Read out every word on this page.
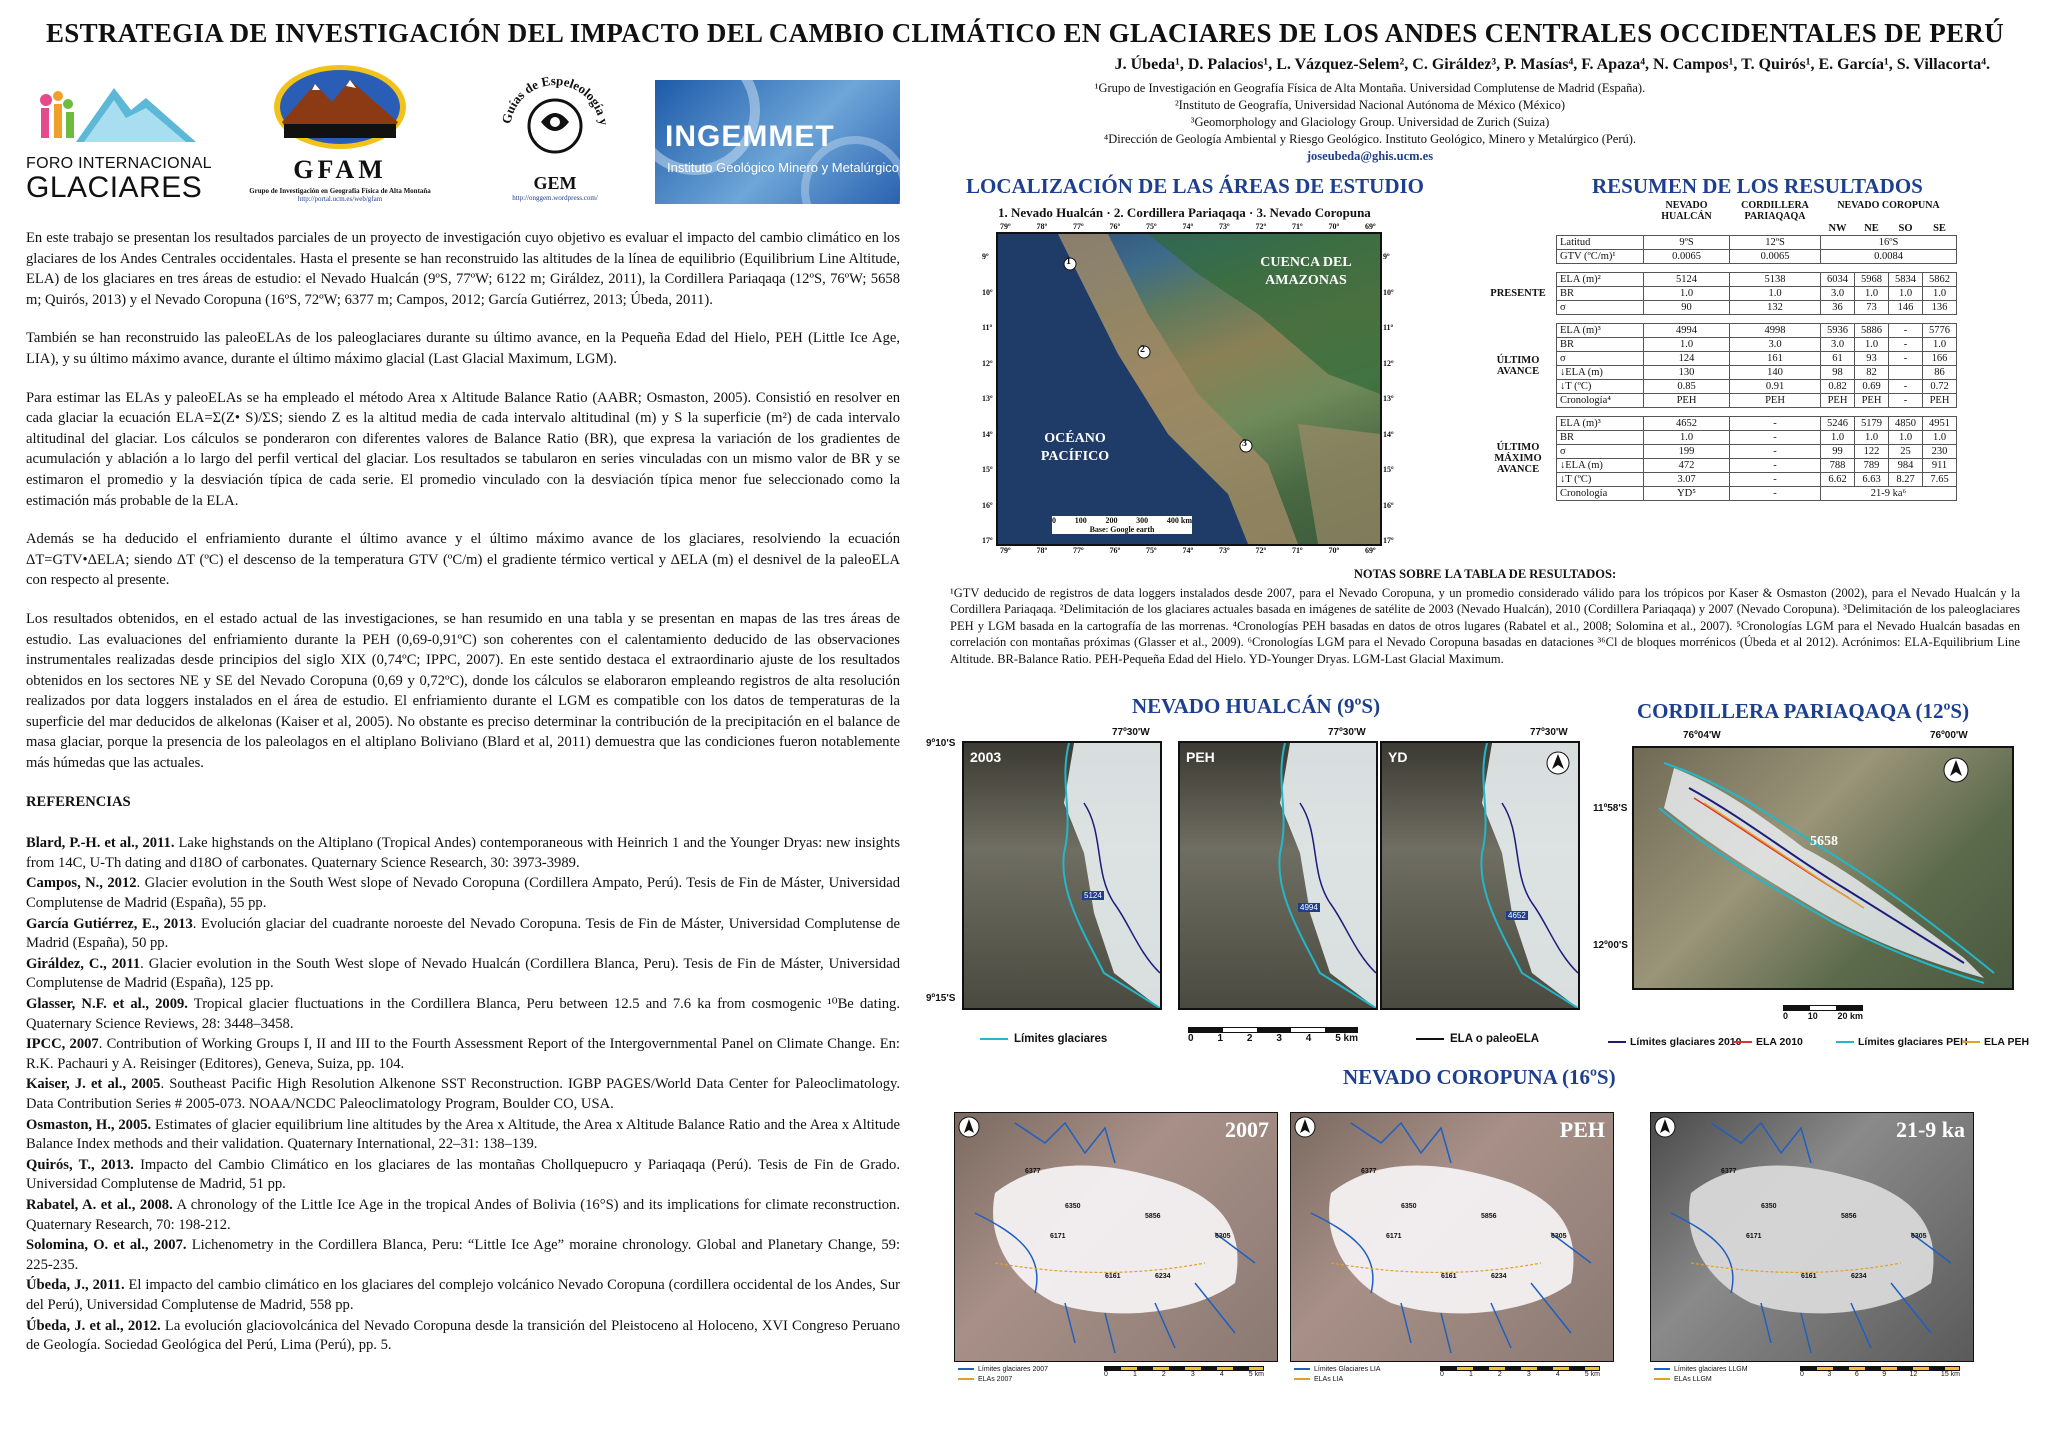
ESTRATEGIA DE INVESTIGACIÓN DEL IMPACTO DEL CAMBIO CLIMÁTICO EN GLACIARES DE LOS ANDES CENTRALES OCCIDENTALES DE PERÚ
FORO INTERNACIONAL
GLACIARES
GFAM
Grupo de Investigación en Geografía Física de Alta Montaña
http://portal.ucm.es/web/gfam
Guías de Espeleología y
GEM
http://onggem.wordpress.com/
INGEMMET
Instituto Geológico Minero y Metalúrgico
J. Úbeda¹, D. Palacios¹, L. Vázquez-Selem², C. Giráldez³, P. Masías⁴, F. Apaza⁴, N. Campos¹, T. Quirós¹, E. García¹, S. Villacorta⁴.
¹Grupo de Investigación en Geografía Física de Alta Montaña. Universidad Complutense de Madrid (España).
²Instituto de Geografía, Universidad Nacional Autónoma de México (México)
³Geomorphology and Glaciology Group. Universidad de Zurich (Suiza)
⁴Dirección de Geología Ambiental y Riesgo Geológico. Instituto Geológico, Minero y Metalúrgico (Perú).
joseubeda@ghis.ucm.es

En este trabajo se presentan los resultados parciales de un proyecto de investigación cuyo objetivo es evaluar el impacto del cambio climático en los glaciares de los Andes Centrales occidentales. Hasta el presente se han reconstruido las altitudes de la línea de equilibrio (Equilibrium Line Altitude, ELA) de los glaciares en tres áreas de estudio: el Nevado Hualcán (9ºS, 77ºW; 6122 m; Giráldez, 2011), la Cordillera Pariaqaqa (12ºS, 76ºW; 5658 m; Quirós, 2013) y el Nevado Coropuna (16ºS, 72ºW; 6377 m; Campos, 2012; García Gutiérrez, 2013; Úbeda, 2011).

También se han reconstruido las paleoELAs de los paleoglaciares durante su último avance, en la Pequeña Edad del Hielo, PEH (Little Ice Age, LIA), y su último máximo avance, durante el último máximo glacial (Last Glacial Maximum, LGM).

Para estimar las ELAs y paleoELAs se ha empleado el método Area x Altitude Balance Ratio (AABR; Osmaston, 2005). Consistió en resolver en cada glaciar la ecuación ELA=Σ(Z• S)/ΣS; siendo Z es la altitud media de cada intervalo altitudinal (m) y S la superficie (m²) de cada intervalo altitudinal del glaciar. Los cálculos se ponderaron con diferentes valores de Balance Ratio (BR), que expresa la variación de los gradientes de acumulación y ablación a lo largo del perfil vertical del glaciar. Los resultados se tabularon en series vinculadas con un mismo valor de BR y se estimaron el promedio y la desviación típica de cada serie. El promedio vinculado con la desviación típica menor fue seleccionado como la estimación más probable de la ELA.

Además se ha deducido el enfriamiento durante el último avance y el último máximo avance de los glaciares, resolviendo la ecuación ΔT=GTV•ΔELA; siendo ΔT (ºC) el descenso de la temperatura GTV (ºC/m) el gradiente térmico vertical y ΔELA (m) el desnivel de la paleoELA con respecto al presente.

Los resultados obtenidos, en el estado actual de las investigaciones, se han resumido en una tabla y se presentan en mapas de las tres áreas de estudio. Las evaluaciones del enfriamiento durante la PEH (0,69-0,91ºC) son coherentes con el calentamiento deducido de las observaciones instrumentales realizadas desde principios del siglo XIX (0,74ºC; IPPC, 2007). En este sentido destaca el extraordinario ajuste de los resultados obtenidos en los sectores NE y SE del Nevado Coropuna (0,69 y 0,72ºC), donde los cálculos se elaboraron empleando registros de alta resolución realizados por data loggers instalados en el área de estudio. El enfriamiento durante el LGM es compatible con los datos de temperaturas de la superficie del mar deducidos de alkelonas (Kaiser et al, 2005). No obstante es preciso determinar la contribución de la precipitación en el balance de masa glaciar, porque la presencia de los paleolagos en el altiplano Boliviano (Blard et al, 2011) demuestra que las condiciones fueron notablemente más húmedas que las actuales.

REFERENCIAS

Blard, P.-H. et al., 2011. Lake highstands on the Altiplano (Tropical Andes) contemporaneous with Heinrich 1 and the Younger Dryas: new insights from 14C, U-Th dating and d18O of carbonates. Quaternary Science Research, 30: 3973-3989.

Campos, N., 2012. Glacier evolution in the South West slope of Nevado Coropuna (Cordillera Ampato, Perú). Tesis de Fin de Máster, Universidad Complutense de Madrid (España), 55 pp.

García Gutiérrez, E., 2013. Evolución glaciar del cuadrante noroeste del Nevado Coropuna. Tesis de Fin de Máster, Universidad Complutense de Madrid (España), 50 pp.

Giráldez, C., 2011. Glacier evolution in the South West slope of Nevado Hualcán (Cordillera Blanca, Peru). Tesis de Fin de Máster, Universidad Complutense de Madrid (España), 125 pp.

Glasser, N.F. et al., 2009. Tropical glacier fluctuations in the Cordillera Blanca, Peru between 12.5 and 7.6 ka from cosmogenic ¹⁰Be dating. Quaternary Science Reviews, 28: 3448–3458.

IPCC, 2007. Contribution of Working Groups I, II and III to the Fourth Assessment Report of the Intergovernmental Panel on Climate Change. En: R.K. Pachauri y A. Reisinger (Editores), Geneva, Suiza, pp. 104.

Kaiser, J. et al., 2005. Southeast Pacific High Resolution Alkenone SST Reconstruction. IGBP PAGES/World Data Center for Paleoclimatology. Data Contribution Series # 2005-073. NOAA/NCDC Paleoclimatology Program, Boulder CO, USA.

Osmaston, H., 2005. Estimates of glacier equilibrium line altitudes by the Area x Altitude, the Area x Altitude Balance Ratio and the Area x Altitude Balance Index methods and their validation. Quaternary International, 22–31: 138–139.

Quirós, T., 2013. Impacto del Cambio Climático en los glaciares de las montañas Chollquepucro y Pariaqaqa (Perú). Tesis de Fin de Grado. Universidad Complutense de Madrid, 51 pp.

Rabatel, A. et al., 2008. A chronology of the Little Ice Age in the tropical Andes of Bolivia (16°S) and its implications for climate reconstruction. Quaternary Research, 70: 198-212.

Solomina, O. et al., 2007. Lichenometry in the Cordillera Blanca, Peru: “Little Ice Age” moraine chronology. Global and Planetary Change, 59: 225-235.

Úbeda, J., 2011. El impacto del cambio climático en los glaciares del complejo volcánico Nevado Coropuna (cordillera occidental de los Andes, Sur del Perú), Universidad Complutense de Madrid, 558 pp.

Úbeda, J. et al., 2012. La evolución glaciovolcánica del Nevado Coropuna desde la transición del Pleistoceno al Holoceno, XVI Congreso Peruano de Geología. Sociedad Geológica del Perú, Lima (Perú), pp. 5.

LOCALIZACIÓN DE LAS ÁREAS DE ESTUDIO
1. Nevado Hualcán · 2. Cordillera Pariaqaqa · 3. Nevado Coropuna
1
2
3
CUENCA DEL AMAZONAS
OCÉANO PACÍFICO
0 100 200 300 400 km
Base: Google earth
RESUMEN DE LOS RESULTADOS
		NEVADO HUALCÁN	CORDILLERA PARIAQAQA	NEVADO COROPUNA			
				NW	NE	SO	SE
	Latitud	9ºS	12ºS	16ºS			
	GTV (ºC/m)¹	0.0065	0.0065	0.0084			

PRESENTE	ELA (m)²	5124	5138	6034	5968	5834	5862
	BR	1.0	1.0	3.0	1.0	1.0	1.0
	σ	90	132	36	73	146	136

ÚLTIMO AVANCE	ELA (m)³	4994	4998	5936	5886	-	5776
	BR	1.0	3.0	3.0	1.0	-	1.0
	σ	124	161	61	93	-	166
	↓ELA (m)	130	140	98	82		86
	↓T (ºC)	0.85	0.91	0.82	0.69	-	0.72
	Cronología⁴	PEH	PEH	PEH	PEH	-	PEH

ÚLTIMO MÁXIMO AVANCE	ELA (m)³	4652	-	5246	5179	4850	4951
	BR	1.0	-	1.0	1.0	1.0	1.0
	σ	199	-	99	122	25	230
	↓ELA (m)	472	-	788	789	984	911
	↓T (ºC)	3.07	-	6.62	6.63	8.27	7.65
	Cronología	YD⁵	-	21-9 ka⁶			
NOTAS SOBRE LA TABLA DE RESULTADOS:
¹GTV deducido de registros de data loggers instalados desde 2007, para el Nevado Coropuna, y un promedio considerado válido para los trópicos por Kaser & Osmaston (2002), para el Nevado Hualcán y la Cordillera Pariaqaqa. ²Delimitación de los glaciares actuales basada en imágenes de satélite de 2003 (Nevado Hualcán), 2010 (Cordillera Pariaqaqa) y 2007 (Nevado Coropuna). ³Delimitación de los paleoglaciares PEH y LGM basada en la cartografía de las morrenas. ⁴Cronologías PEH basadas en datos de otros lugares (Rabatel et al., 2008; Solomina et al., 2007). ⁵Cronologías LGM para el Nevado Hualcán basadas en correlación con montañas próximas (Glasser et al., 2009). ⁶Cronologías LGM para el Nevado Coropuna basadas en dataciones ³⁶Cl de bloques morrénicos (Úbeda et al 2012). Acrónimos: ELA-Equilibrium Line Altitude. BR-Balance Ratio. PEH-Pequeña Edad del Hielo. YD-Younger Dryas. LGM-Last Glacial Maximum.
NEVADO HUALCÁN (9ºS)
2003
5124
77º30'W
PEH
4994
77º30'W
YD
4652
77º30'W
9º10'S
9º15'S
Límites glaciares	ELA o paleoELA
0 1 2 3 4 5 km
CORDILLERA PARIAQAQA (12ºS)
76º04'W	76º00'W
11º58'S
12º00'S
5658
0 10 20 km
Límites glaciares 2010	ELA 2010	Límites glaciares PEH	ELA PEH
NEVADO COROPUNA (16ºS)
2007
6377
6350
6171
6161	6234
6305
5856
Límites glaciares 2007
ELAs 2007
0	1	2	3	4	5 km
PEH
6377
6350
6171
6161	6234
6305
5856
Límites Glaciares LIA
ELAs LIA
0	1	2	3	4	5 km
21-9 ka
6377
6350
6171
6161	6234
6305
5856
Límites glaciares LLGM
ELAs LLGM
0	3	6	9	12	15 km
79º
79º
78º
78º
77º
77º
76º
76º
75º
75º
74º
74º
73º
73º
72º
72º
71º
71º
70º
70º
69º
69º
9º	9º
10º	10º
11º	11º
12º	12º
13º	13º
14º	14º
15º	15º
16º	16º
17º	17º
